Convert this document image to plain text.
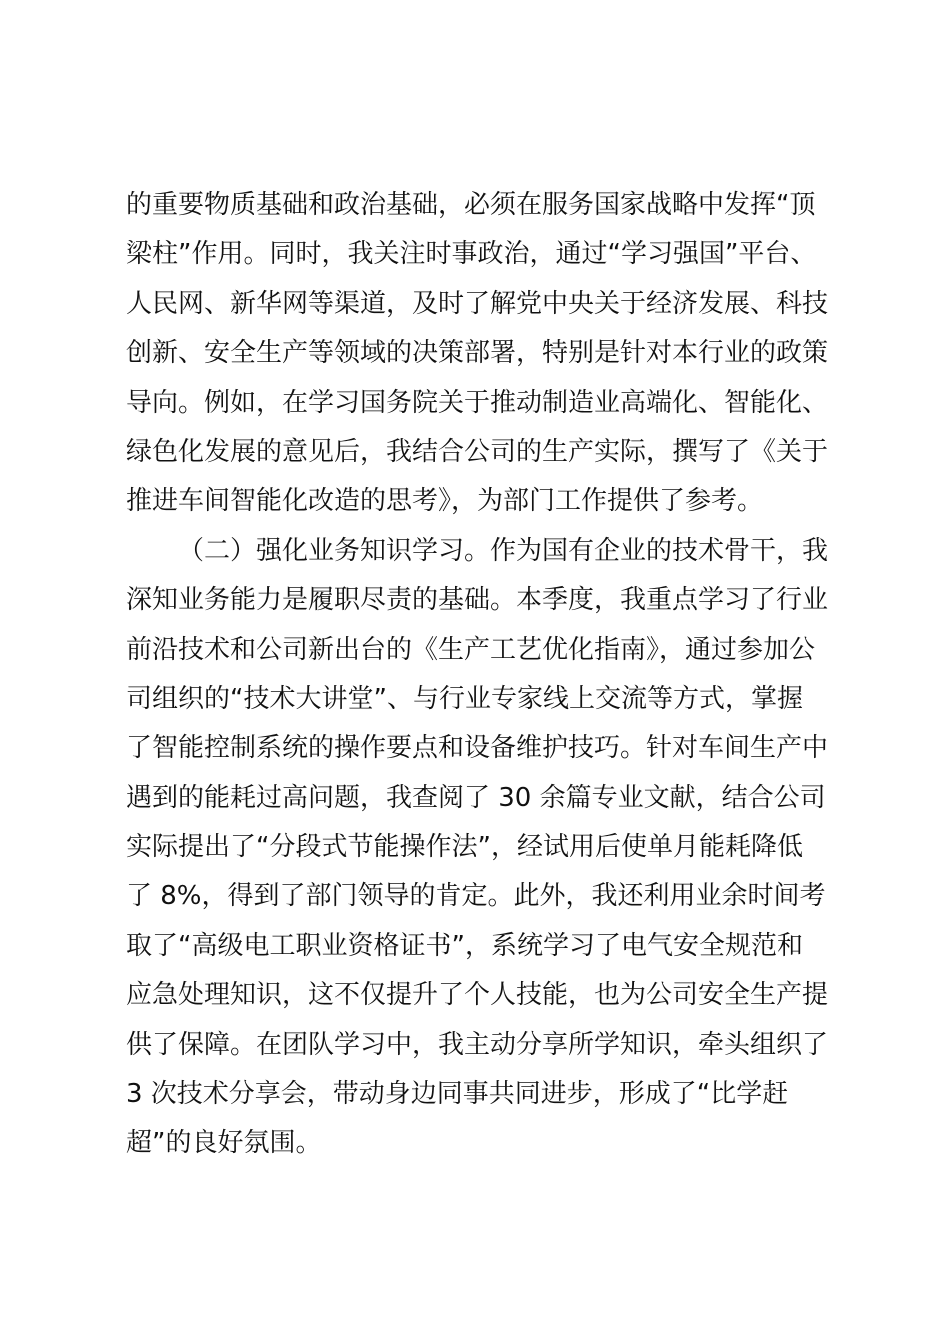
的重要物质基础和政治基础，必须在服务国家战略中发挥“顶
梁柱”作用。同时，我关注时事政治，通过“学习强国”平台、
人民网、新华网等渠道，及时了解党中央关于经济发展、科技
创新、安全生产等领域的决策部署，特别是针对本行业的政策
导向。例如，在学习国务院关于推动制造业高端化、智能化、
绿色化发展的意见后，我结合公司的生产实际，撰写了《关于
推进车间智能化改造的思考》，为部门工作提供了参考。
（二）强化业务知识学习。作为国有企业的技术骨干，我
深知业务能力是履职尽责的基础。本季度，我重点学习了行业
前沿技术和公司新出台的《生产工艺优化指南》，通过参加公
司组织的“技术大讲堂”、与行业专家线上交流等方式，掌握
了智能控制系统的操作要点和设备维护技巧。针对车间生产中
遇到的能耗过高问题，我查阅了 30 余篇专业文献，结合公司
实际提出了“分段式节能操作法”，经试用后使单月能耗降低
了 8%，得到了部门领导的肯定。此外，我还利用业余时间考
取了“高级电工职业资格证书”，系统学习了电气安全规范和
应急处理知识，这不仅提升了个人技能，也为公司安全生产提
供了保障。在团队学习中，我主动分享所学知识，牵头组织了
3 次技术分享会，带动身边同事共同进步，形成了“比学赶
超”的良好氛围。
